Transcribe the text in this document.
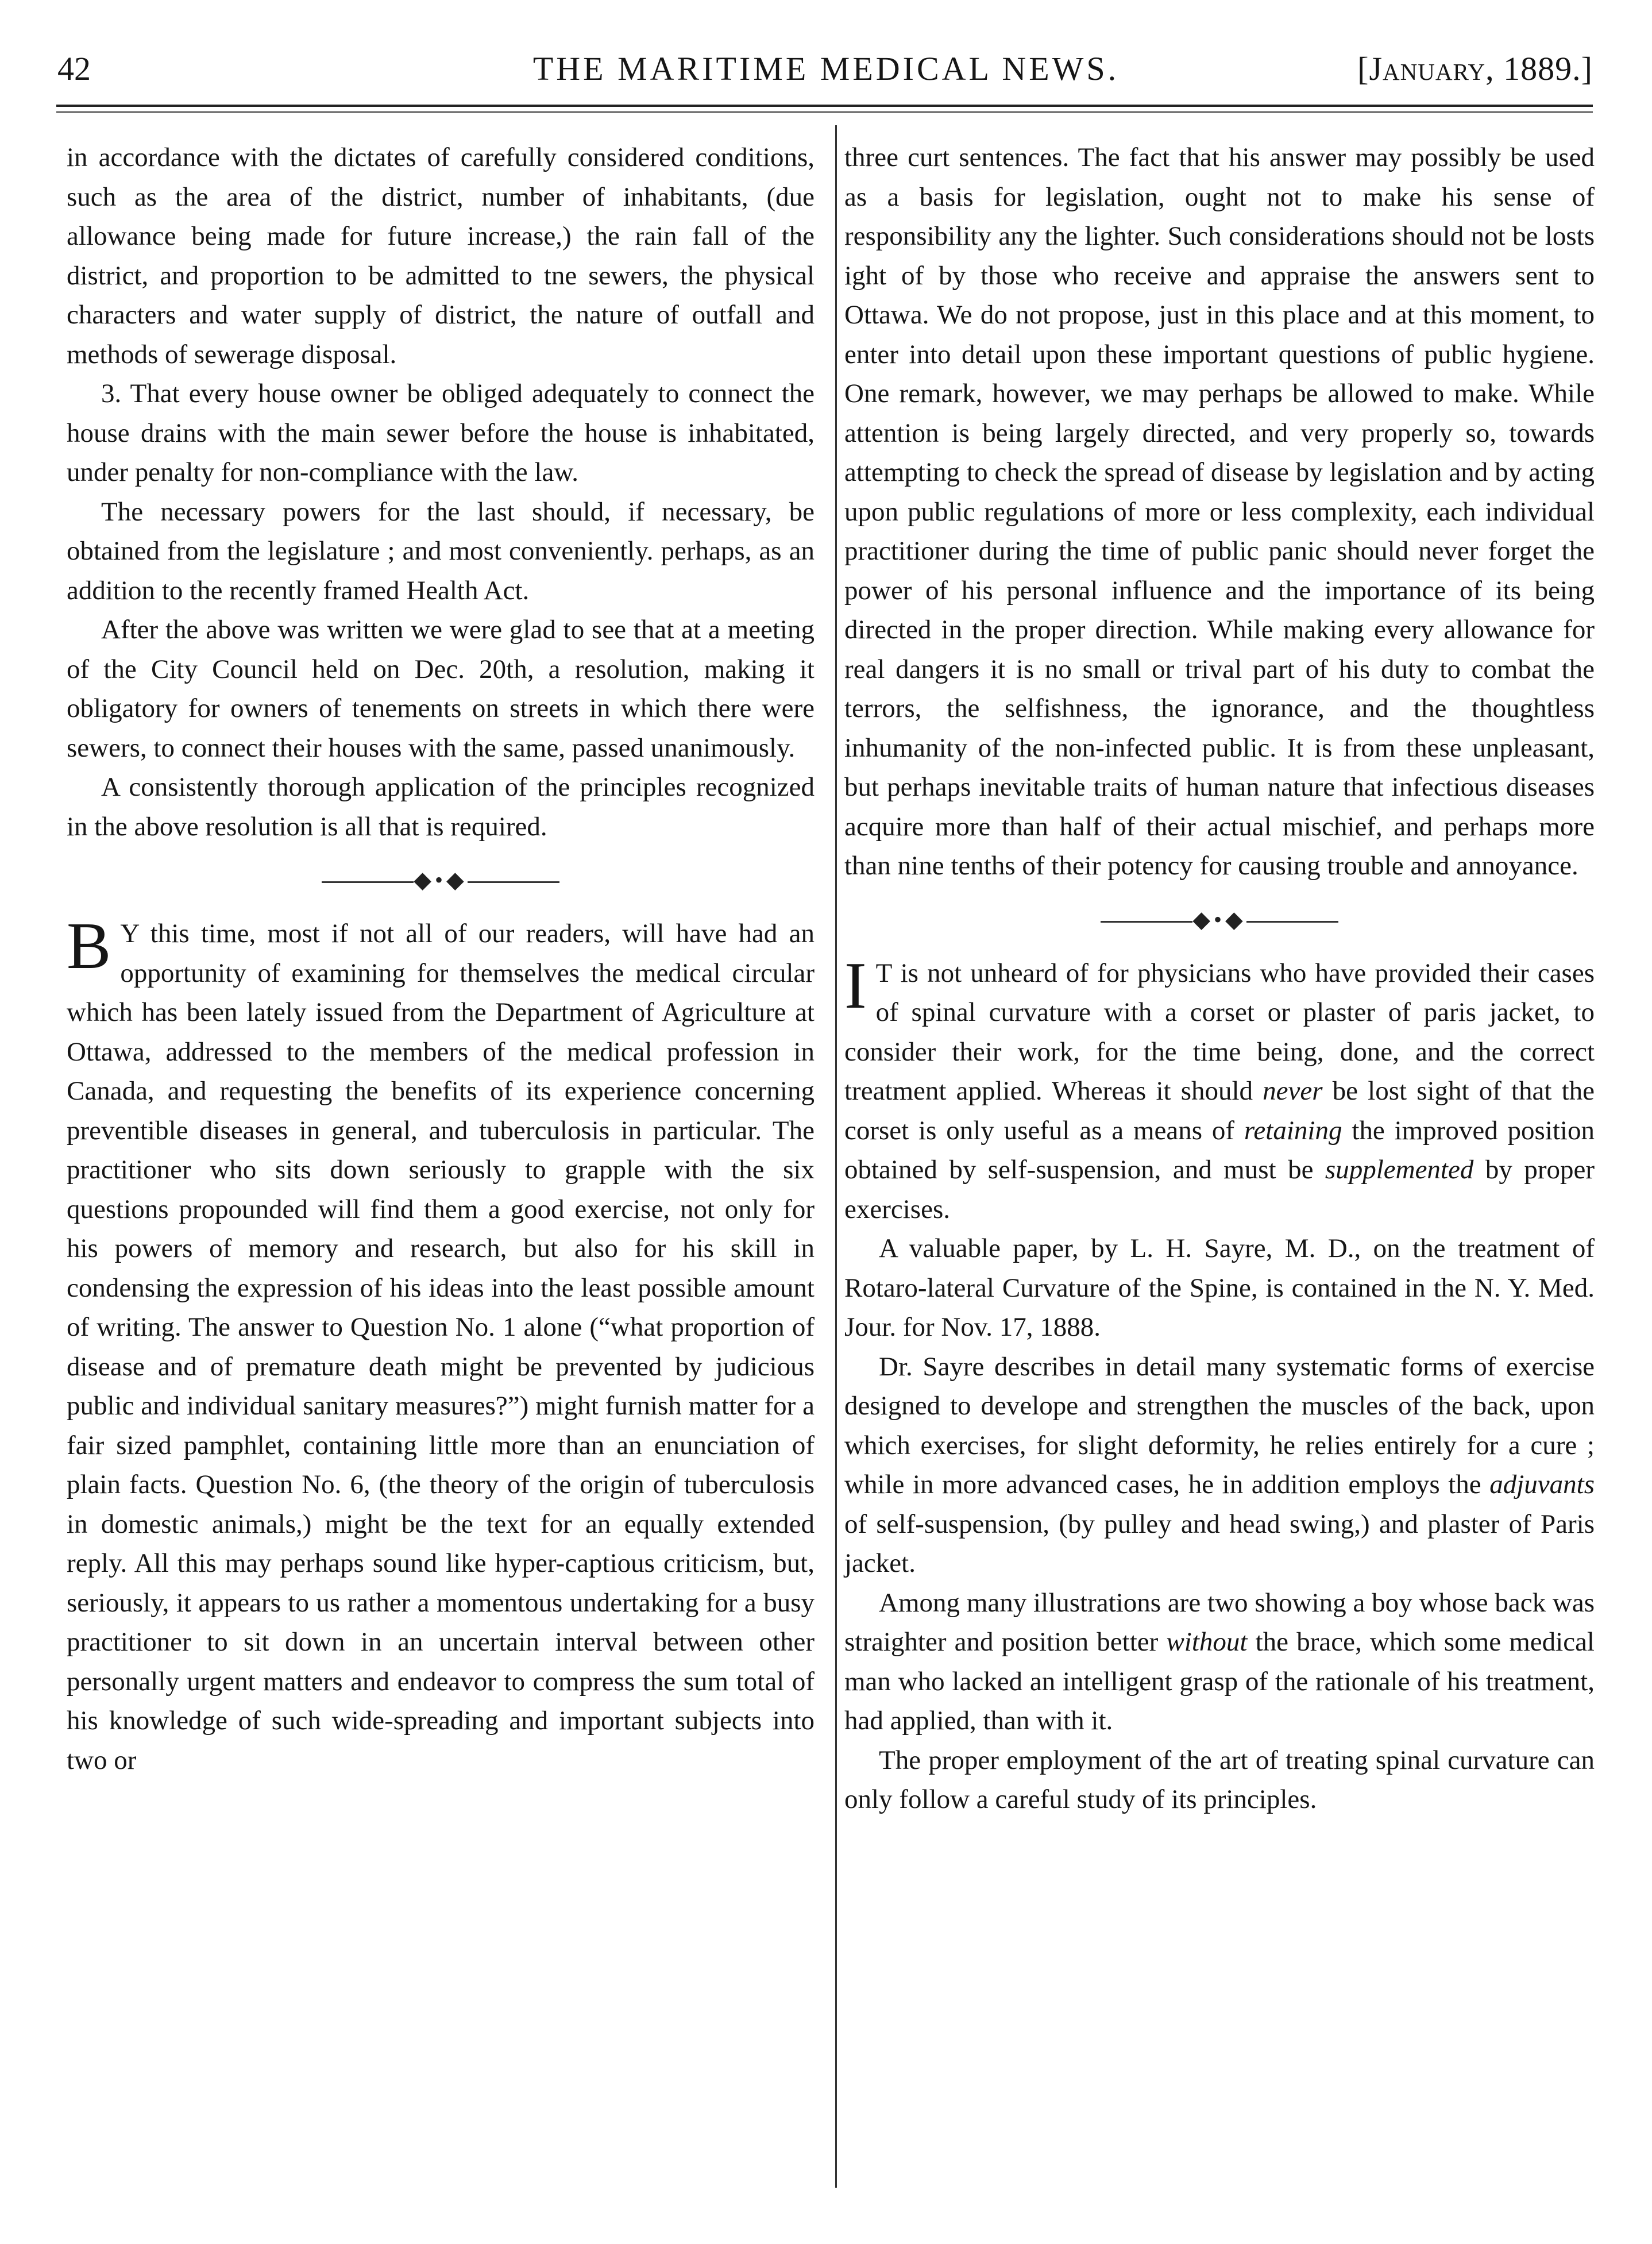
42	THE MARITIME MEDICAL NEWS.	[January, 1889.]

in accordance with the dictates of carefully considered conditions, such as the area of the district, number of inhabitants, (due allowance being made for future increase,) the rain fall of the district, and proportion to be admitted to tne sewers, the physical characters and water supply of district, the nature of outfall and methods of sewerage disposal.

3. That every house owner be obliged adequately to connect the house drains with the main sewer before the house is inhabitated, under penalty for non-compliance with the law.

The necessary powers for the last should, if necessary, be obtained from the legislature ; and most conveniently. perhaps, as an addition to the recently framed Health Act.

After the above was written we were glad to see that at a meeting of the City Council held on Dec. 20th, a resolution, making it obligatory for owners of tenements on streets in which there were sewers, to connect their houses with the same, passed unanimously.

A consistently thorough application of the principles recognized in the above resolution is all that is required.

◆•◆

B Y this time, most if not all of our readers, will have had an opportunity of examining for themselves the medical circular which has been lately issued from the Department of Agriculture at Ottawa, addressed to the members of the medical profession in Canada, and requesting the benefits of its experience concerning preventible diseases in general, and tuberculosis in particular. The practitioner who sits down seriously to grapple with the six questions propounded will find them a good exercise, not only for his powers of memory and research, but also for his skill in condensing the expression of his ideas into the least possible amount of writing. The answer to Question No. 1 alone (“what proportion of disease and of premature death might be prevented by judicious public and individual sanitary measures?”) might furnish matter for a fair sized pamphlet, containing little more than an enunciation of plain facts. Question No. 6, (the theory of the origin of tuberculosis in domestic animals,) might be the text for an equally extended reply. All this may perhaps sound like hyper-captious criticism, but, seriously, it appears to us rather a momentous undertaking for a busy practitioner to sit down in an uncertain interval between other personally urgent matters and endeavor to compress the sum total of his knowledge of such wide-spreading and important subjects into two or

three curt sentences. The fact that his answer may possibly be used as a basis for legislation, ought not to make his sense of responsibility any the lighter. Such considerations should not be losts ight of by those who receive and appraise the answers sent to Ottawa. We do not propose, just in this place and at this moment, to enter into detail upon these important questions of public hygiene. One remark, however, we may perhaps be allowed to make. While attention is being largely directed, and very properly so, towards attempting to check the spread of disease by legislation and by acting upon public regulations of more or less complexity, each individual practitioner during the time of public panic should never forget the power of his personal influence and the importance of its being directed in the proper direction. While making every allowance for real dangers it is no small or trival part of his duty to combat the terrors, the selfishness, the ignorance, and the thoughtless inhumanity of the non-infected public. It is from these unpleasant, but perhaps inevitable traits of human nature that infectious diseases acquire more than half of their actual mischief, and perhaps more than nine tenths of their potency for causing trouble and annoyance.

◆•◆

I T is not unheard of for physicians who have provided their cases of spinal curvature with a corset or plaster of paris jacket, to consider their work, for the time being, done, and the correct treatment applied. Whereas it should never be lost sight of that the corset is only useful as a means of retaining the improved position obtained by self-suspension, and must be supplemented by proper exercises.

A valuable paper, by L. H. Sayre, M. D., on the treatment of Rotaro-lateral Curvature of the Spine, is contained in the N. Y. Med. Jour. for Nov. 17, 1888.

Dr. Sayre describes in detail many systematic forms of exercise designed to develope and strengthen the muscles of the back, upon which exercises, for slight deformity, he relies entirely for a cure ; while in more advanced cases, he in addition employs the adjuvants of self-suspension, (by pulley and head swing,) and plaster of Paris jacket.

Among many illustrations are two showing a boy whose back was straighter and position better without the brace, which some medical man who lacked an intelligent grasp of the rationale of his treatment, had applied, than with it.

The proper employment of the art of treating spinal curvature can only follow a careful study of its principles.
